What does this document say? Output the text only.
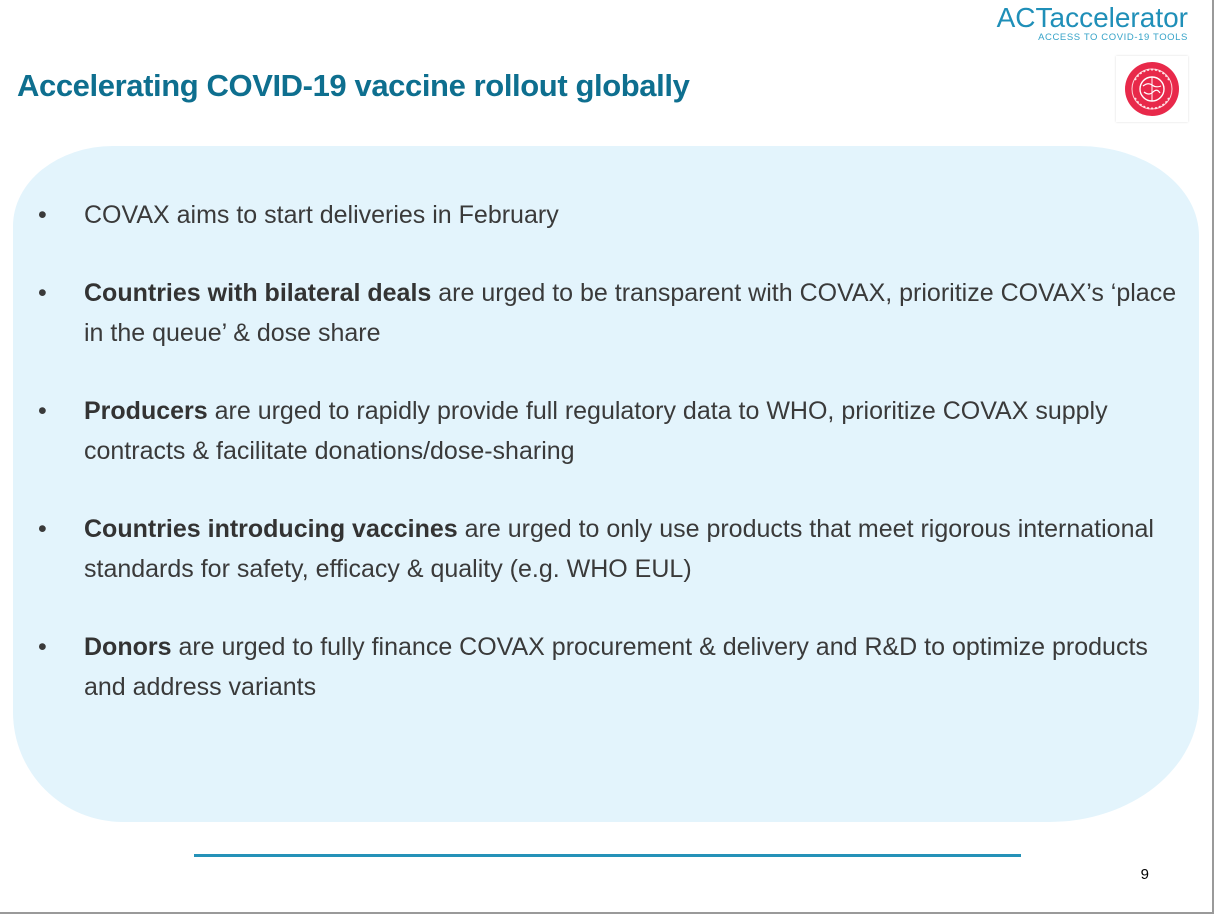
ACTaccelerator
ACCESS TO COVID-19 TOOLS
Accelerating COVID-19 vaccine rollout globally
• COVAX aims to start deliveries in February
• Countries with bilateral deals are urged to be transparent with COVAX, prioritize COVAX’s ‘place in the queue’ & dose share
• Producers are urged to rapidly provide full regulatory data to WHO, prioritize COVAX supply contracts & facilitate donations/dose-sharing
• Countries introducing vaccines are urged to only use products that meet rigorous international standards for safety, efficacy & quality (e.g. WHO EUL)
• Donors are urged to fully finance COVAX procurement & delivery and R&D to optimize products and address variants
9
